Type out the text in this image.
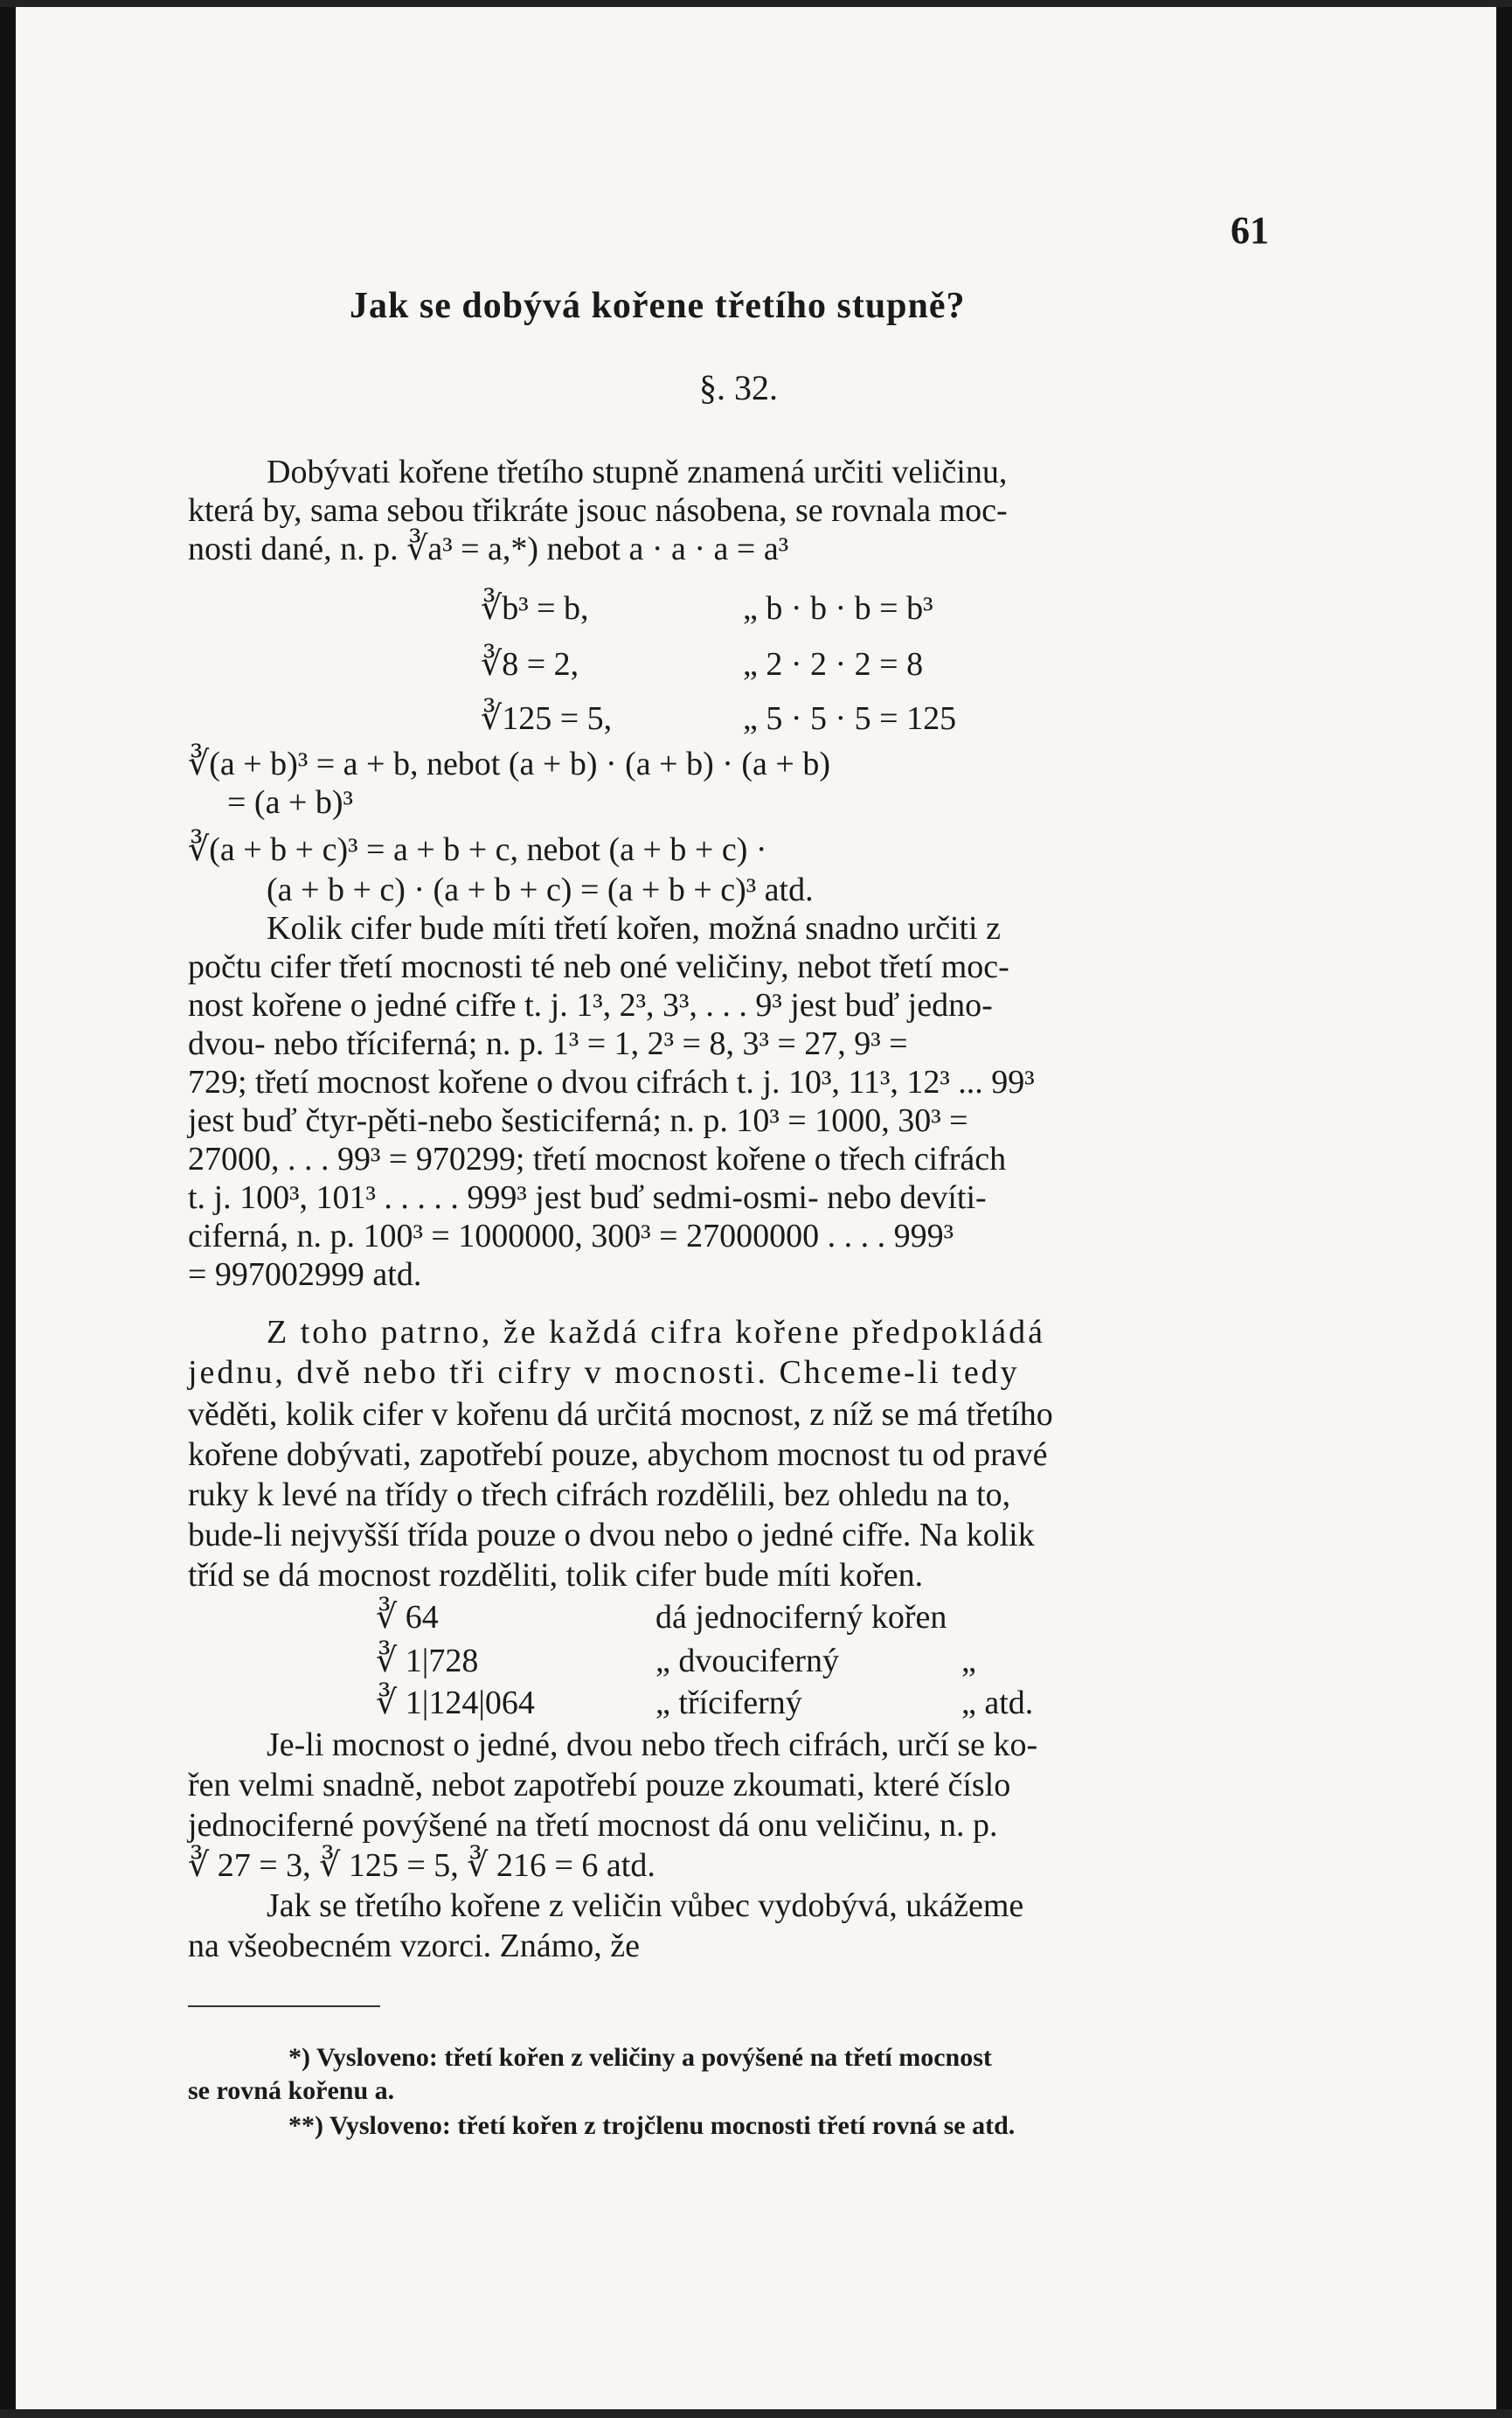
61
Jak se dobývá kořene třetího stupně?
§. 32.
Dobývati kořene třetího stupně znamená určiti veličinu,
která by, sama sebou třikráte jsouc násobena, se rovnala moc-
nosti dané, n. p. ∛a³ = a,*) nebot a · a · a = a³
∛b³ = b,	„ b · b · b = b³
∛8 = 2,	„ 2 · 2 · 2 = 8
∛125 = 5,	„ 5 · 5 · 5 = 125
∛(a + b)³ = a + b, nebot (a + b) · (a + b) · (a + b)
= (a + b)³
∛(a + b + c)³ = a + b + c, nebot (a + b + c) ·
(a + b + c) · (a + b + c) = (a + b + c)³ atd.
Kolik cifer bude míti třetí kořen, možná snadno určiti z
počtu cifer třetí mocnosti té neb oné veličiny, nebot třetí moc-
nost kořene o jedné cifře t. j. 1³, 2³, 3³, . . . 9³ jest buď jedno-
dvou- nebo tříciferná; n. p. 1³ = 1, 2³ = 8, 3³ = 27, 9³ =
729; třetí mocnost kořene o dvou cifrách t. j. 10³, 11³, 12³ ... 99³
jest buď čtyr-pěti-nebo šesticiferná; n. p. 10³ = 1000, 30³ =
27000, . . . 99³ = 970299; třetí mocnost kořene o třech cifrách
t. j. 100³, 101³ . . . . . 999³ jest buď sedmi-osmi- nebo devíti-
ciferná, n. p. 100³ = 1000000, 300³ = 27000000 . . . . 999³
= 997002999 atd.
Z toho patrno, že každá cifra kořene předpokládá
jednu, dvě nebo tři cifry v mocnosti. Chceme-li tedy
věděti, kolik cifer v kořenu dá určitá mocnost, z níž se má třetího
kořene dobývati, zapotřebí pouze, abychom mocnost tu od pravé
ruky k levé na třídy o třech cifrách rozdělili, bez ohledu na to,
bude-li nejvyšší třída pouze o dvou nebo o jedné cifře. Na kolik
tříd se dá mocnost rozděliti, tolik cifer bude míti kořen.
∛ 64	dá jednociferný kořen
∛ 1|728	„ dvouciferný	„
∛ 1|124|064	„ tříciferný	„ atd.
Je-li mocnost o jedné, dvou nebo třech cifrách, určí se ko-
řen velmi snadně, nebot zapotřebí pouze zkoumati, které číslo
jednociferné povýšené na třetí mocnost dá onu veličinu, n. p.
∛ 27 = 3, ∛ 125 = 5, ∛ 216 = 6 atd.
Jak se třetího kořene z veličin vůbec vydobývá, ukážeme
na všeobecném vzorci. Známo, že
*) Vysloveno: třetí kořen z veličiny a povýšené na třetí mocnost
se rovná kořenu a.
**) Vysloveno: třetí kořen z trojčlenu mocnosti třetí rovná se atd.
